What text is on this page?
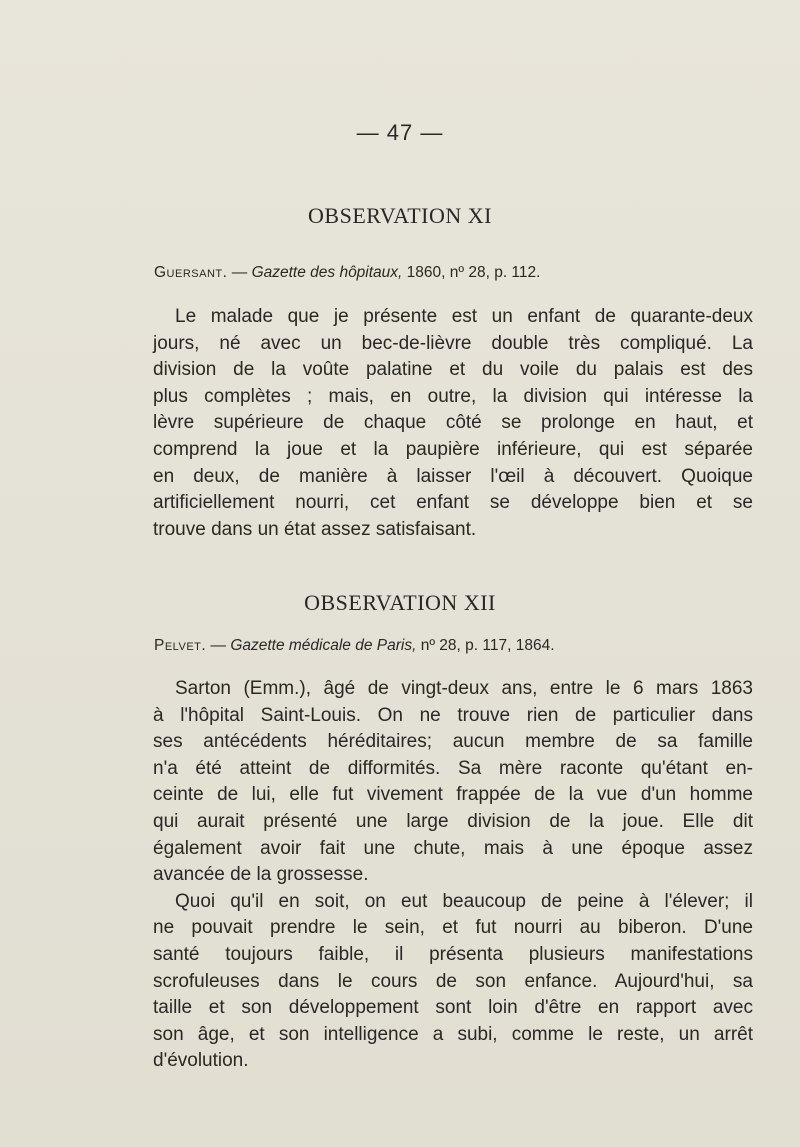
— 47 —
OBSERVATION XI
Guersant. — Gazette des hôpitaux, 1860, nº 28, p. 112.
Le malade que je présente est un enfant de quarante-deux
jours, né avec un bec-de-lièvre double très compliqué. La
division de la voûte palatine et du voile du palais est des
plus complètes ; mais, en outre, la division qui intéresse la
lèvre supérieure de chaque côté se prolonge en haut, et
comprend la joue et la paupière inférieure, qui est séparée
en deux, de manière à laisser l'œil à découvert. Quoique
artificiellement nourri, cet enfant se développe bien et se
trouve dans un état assez satisfaisant.
OBSERVATION XII
Pelvet. — Gazette médicale de Paris, nº 28, p. 117, 1864.
Sarton (Emm.), âgé de vingt-deux ans, entre le 6 mars 1863
à l'hôpital Saint-Louis. On ne trouve rien de particulier dans
ses antécédents héréditaires; aucun membre de sa famille
n'a été atteint de difformités. Sa mère raconte qu'étant en-
ceinte de lui, elle fut vivement frappée de la vue d'un homme
qui aurait présenté une large division de la joue. Elle dit
également avoir fait une chute, mais à une époque assez
avancée de la grossesse.
Quoi qu'il en soit, on eut beaucoup de peine à l'élever; il
ne pouvait prendre le sein, et fut nourri au biberon. D'une
santé toujours faible, il présenta plusieurs manifestations
scrofuleuses dans le cours de son enfance. Aujourd'hui, sa
taille et son développement sont loin d'être en rapport avec
son âge, et son intelligence a subi, comme le reste, un arrêt
d'évolution.
